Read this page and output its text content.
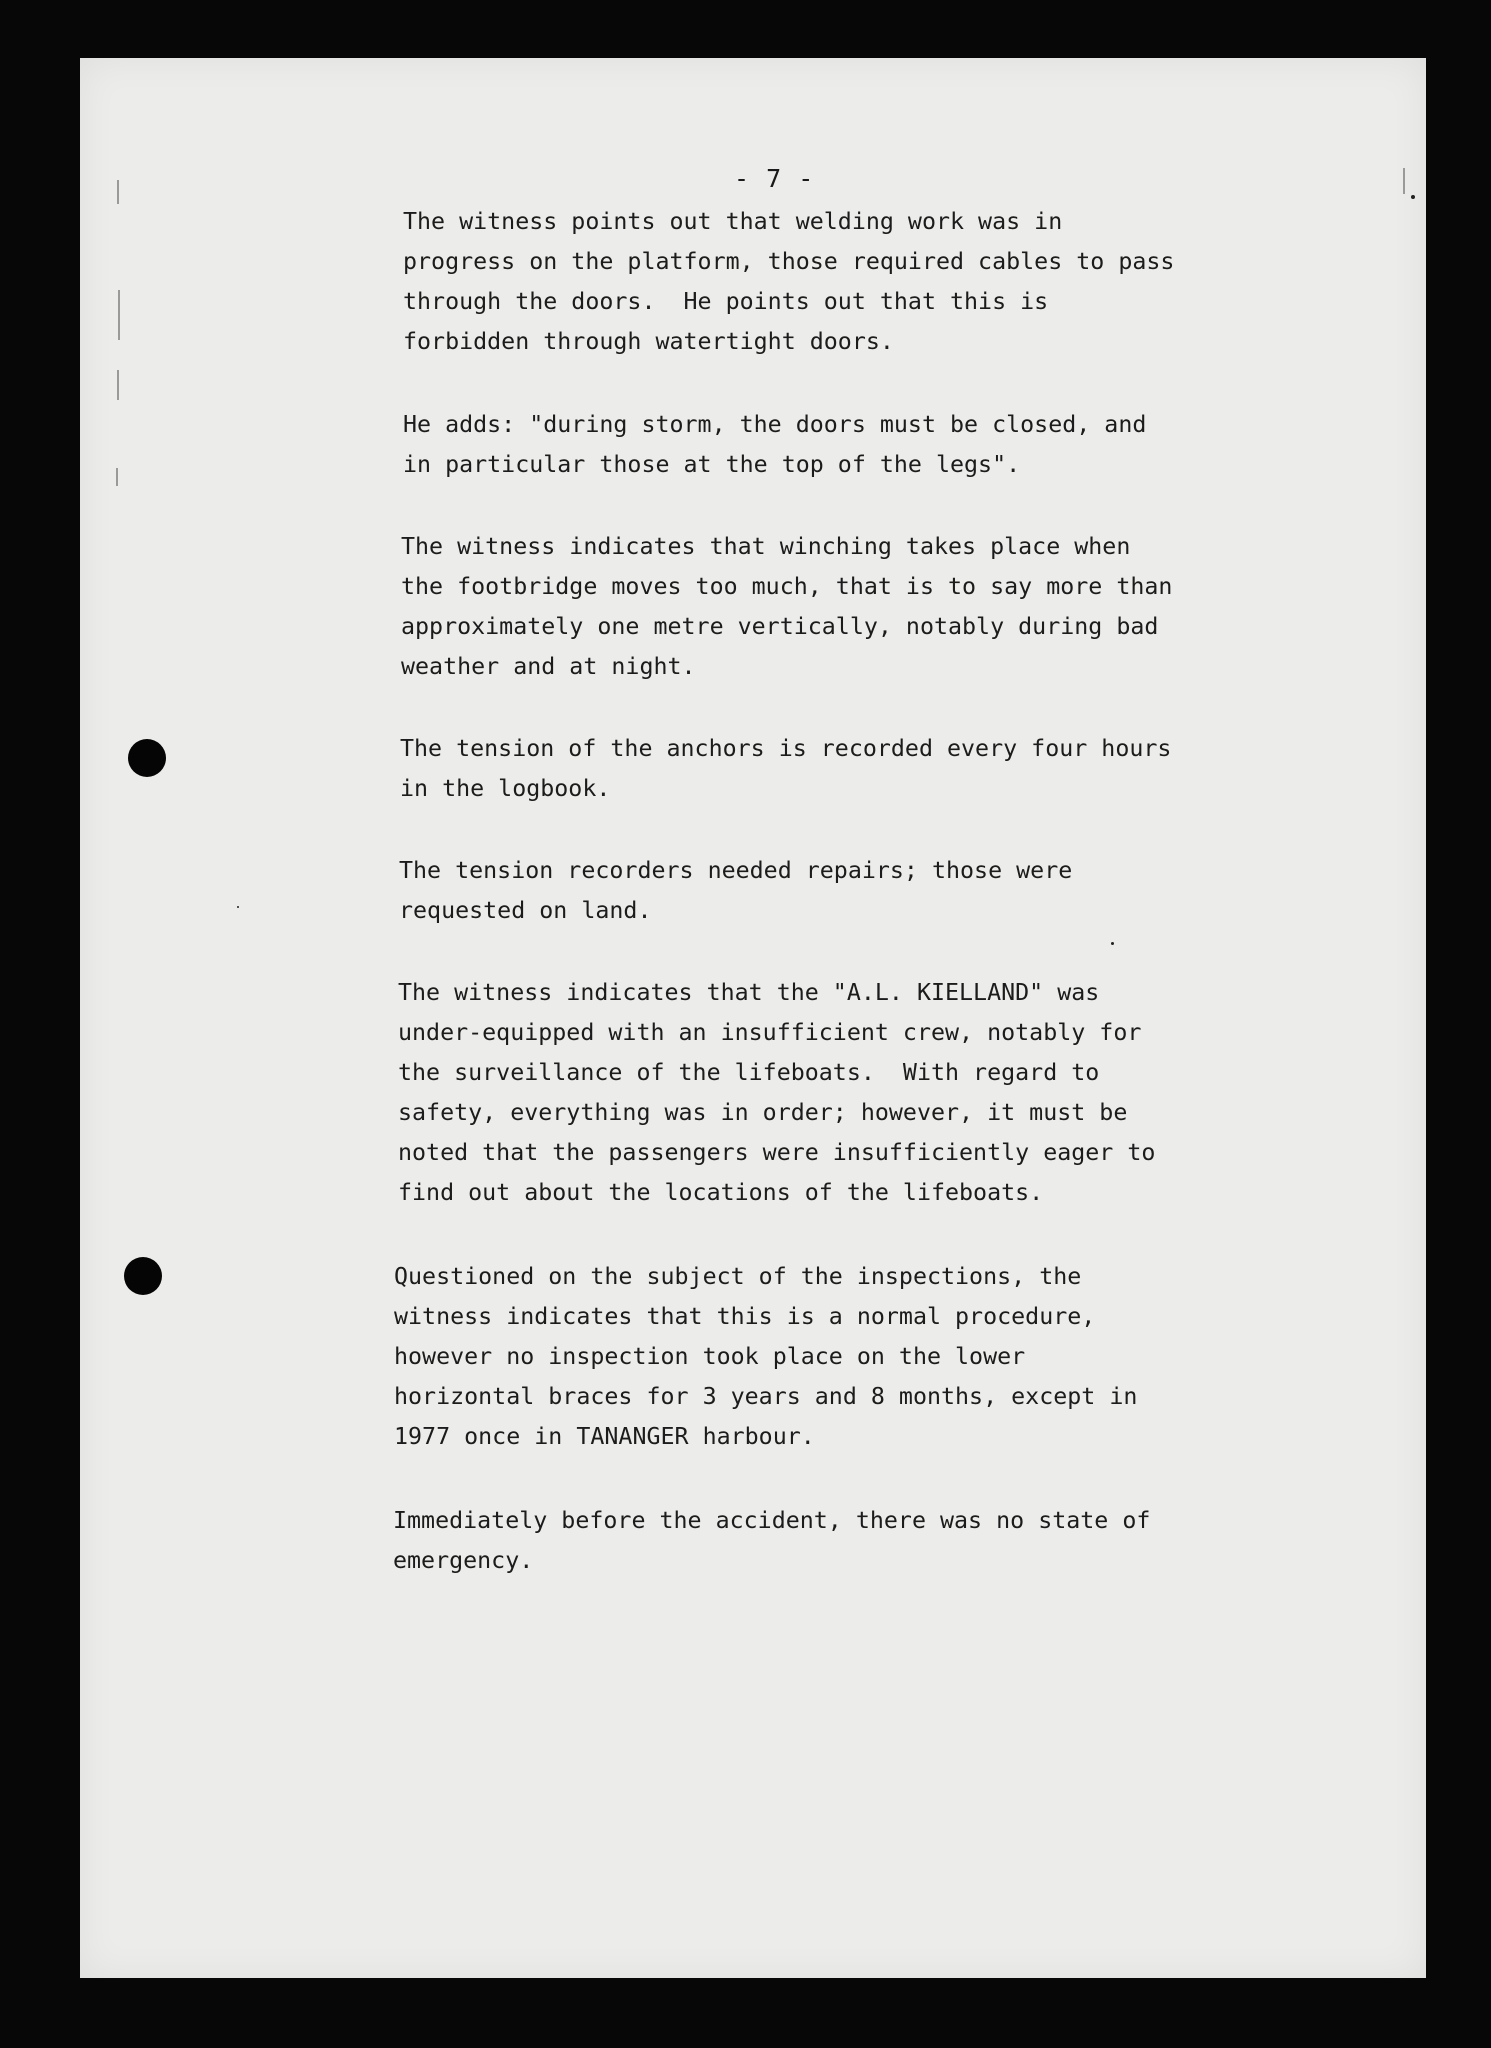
- 7 -

The witness points out that welding work was in
progress on the platform, those required cables to pass
through the doors.  He points out that this is
forbidden through watertight doors.

He adds: "during storm, the doors must be closed, and
in particular those at the top of the legs".

The witness indicates that winching takes place when
the footbridge moves too much, that is to say more than
approximately one metre vertically, notably during bad
weather and at night.

The tension of the anchors is recorded every four hours
in the logbook.

The tension recorders needed repairs; those were
requested on land.

The witness indicates that the "A.L. KIELLAND" was
under-equipped with an insufficient crew, notably for
the surveillance of the lifeboats.  With regard to
safety, everything was in order; however, it must be
noted that the passengers were insufficiently eager to
find out about the locations of the lifeboats.

Questioned on the subject of the inspections, the
witness indicates that this is a normal procedure,
however no inspection took place on the lower
horizontal braces for 3 years and 8 months, except in
1977 once in TANANGER harbour.

Immediately before the accident, there was no state of
emergency.
